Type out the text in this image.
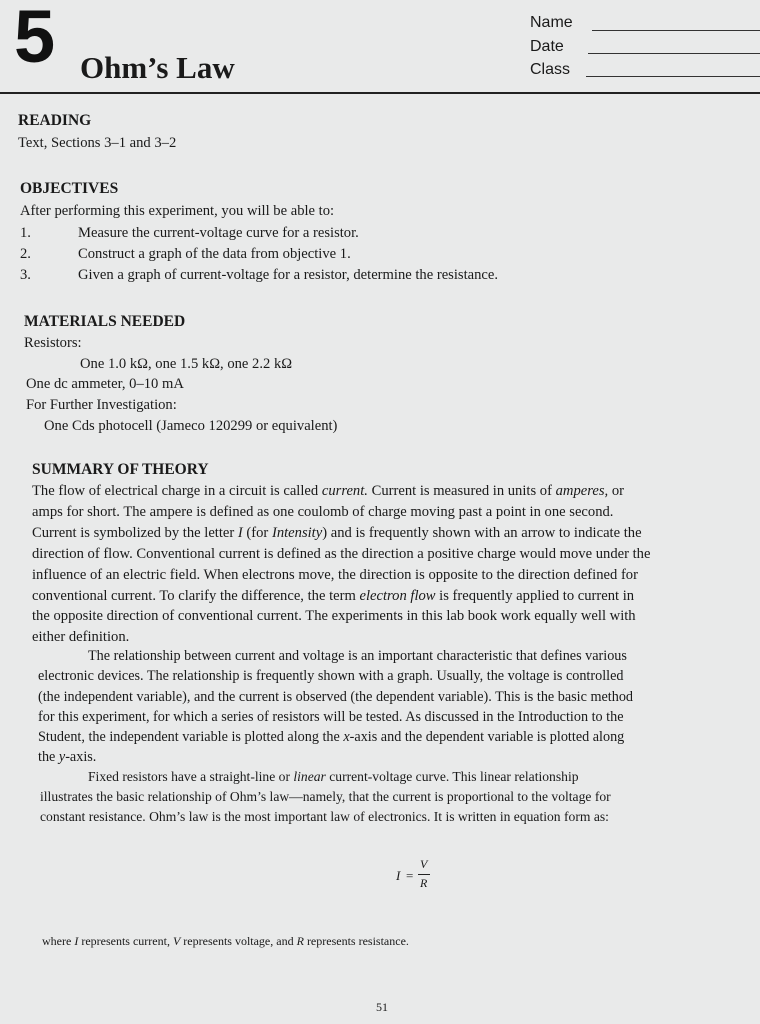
5 Ohm’s Law
Name
Date
Class
READING
Text, Sections 3–1 and 3–2
OBJECTIVES
After performing this experiment, you will be able to:
1.	Measure the current-voltage curve for a resistor.
2.	Construct a graph of the data from objective 1.
3.	Given a graph of current-voltage for a resistor, determine the resistance.
MATERIALS NEEDED
Resistors:
One 1.0 kΩ, one 1.5 kΩ, one 2.2 kΩ
One dc ammeter, 0–10 mA
For Further Investigation:
One Cds photocell (Jameco 120299 or equivalent)
SUMMARY OF THEORY
The flow of electrical charge in a circuit is called current. Current is measured in units of amperes, or
amps for short. The ampere is defined as one coulomb of charge moving past a point in one second.
Current is symbolized by the letter I (for Intensity) and is frequently shown with an arrow to indicate the
direction of flow. Conventional current is defined as the direction a positive charge would move under the
influence of an electric field. When electrons move, the direction is opposite to the direction defined for
conventional current. To clarify the difference, the term electron flow is frequently applied to current in
the opposite direction of conventional current. The experiments in this lab book work equally well with
either definition.
The relationship between current and voltage is an important characteristic that defines various
electronic devices. The relationship is frequently shown with a graph. Usually, the voltage is controlled
(the independent variable), and the current is observed (the dependent variable). This is the basic method
for this experiment, for which a series of resistors will be tested. As discussed in the Introduction to the
Student, the independent variable is plotted along the x-axis and the dependent variable is plotted along
the y-axis.
Fixed resistors have a straight-line or linear current-voltage curve. This linear relationship
illustrates the basic relationship of Ohm’s law—namely, that the current is proportional to the voltage for
constant resistance. Ohm’s law is the most important law of electronics. It is written in equation form as:
I =
V
R
where I represents current, V represents voltage, and R represents resistance.
51
